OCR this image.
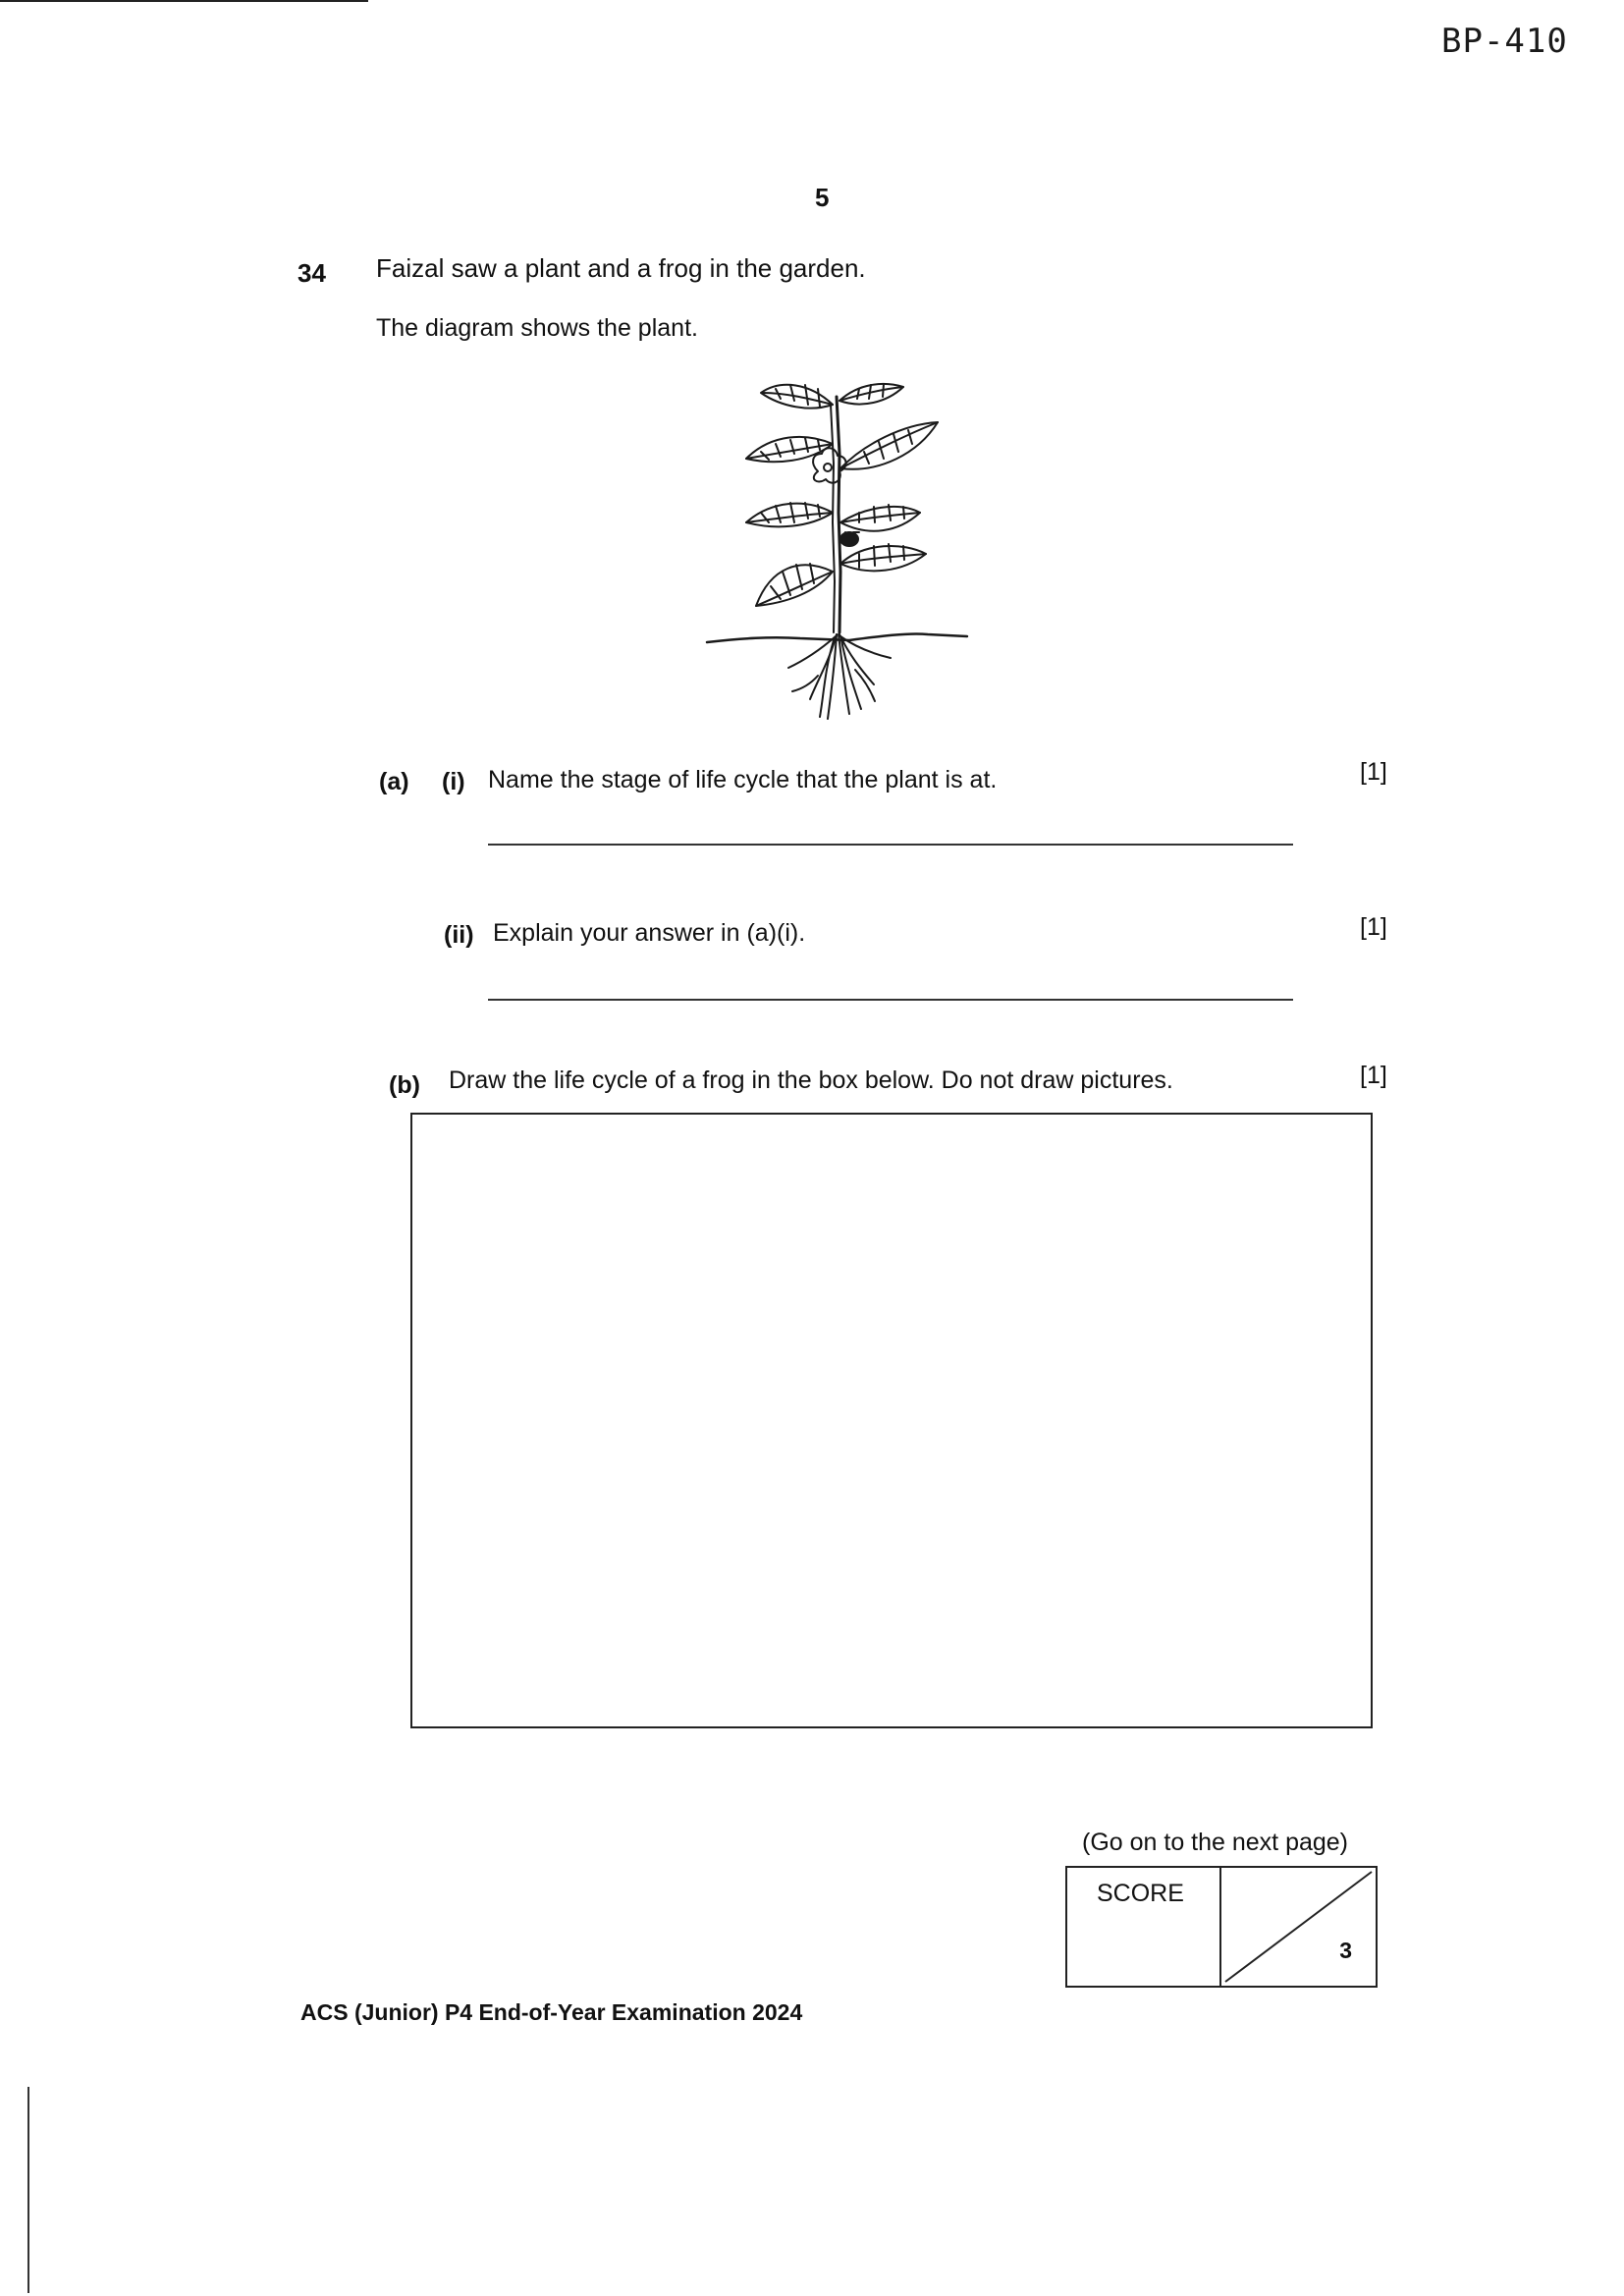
BP-410
5
34 Faizal saw a plant and a frog in the garden.
The diagram shows the plant.
(a) (i) Name the stage of life cycle that the plant is at.	[1]
(ii) Explain your answer in (a)(i).	[1]
(b) Draw the life cycle of a frog in the box below. Do not draw pictures.	[1]
(Go on to the next page)
SCORE
3
ACS (Junior) P4 End-of-Year Examination 2024
